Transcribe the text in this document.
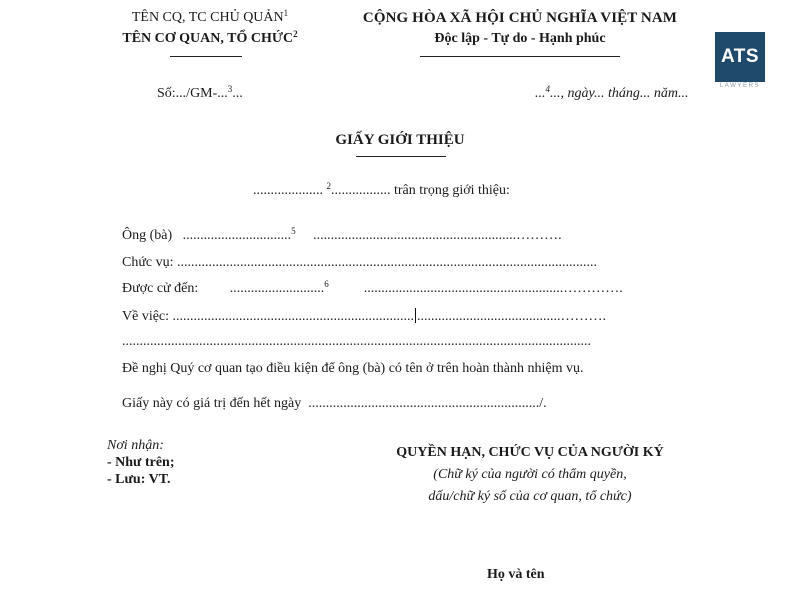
TÊN CQ, TC CHỦ QUẢN$^1$
TÊN CƠ QUAN, TỔ CHỨC$^2$
CỘNG HÒA XÃ HỘI CHỦ NGHĨA VIỆT NAM
Độc lập - Tự do - Hạnh phúc
ATS
LAWYERS
Số:.../GM-...$^3$...	...$^4$..., ngày... tháng... năm...
GIẤY GIỚI THIỆU
.................... $^2$................. trân trọng giới thiệu:
Ông (bà) ...............................$^5$ ..........................................................……….
Chức vụ: ........................................................................................................................
Được cử đến: ...........................$^6$	.........................................................………….
Về việc: ..................................................................... .........................................……….
......................................................................................................................................
Đề nghị Quý cơ quan tạo điều kiện để ông (bà) có tên ở trên hoàn thành nhiệm vụ.
Giấy này có giá trị đến hết ngày ................................................................../.
Nơi nhận:
- Như trên;
- Lưu: VT.
QUYỀN HẠN, CHỨC VỤ CỦA NGƯỜI KÝ
(Chữ ký của người có thẩm quyền,
dấu/chữ ký số của cơ quan, tổ chức)
Họ và tên
